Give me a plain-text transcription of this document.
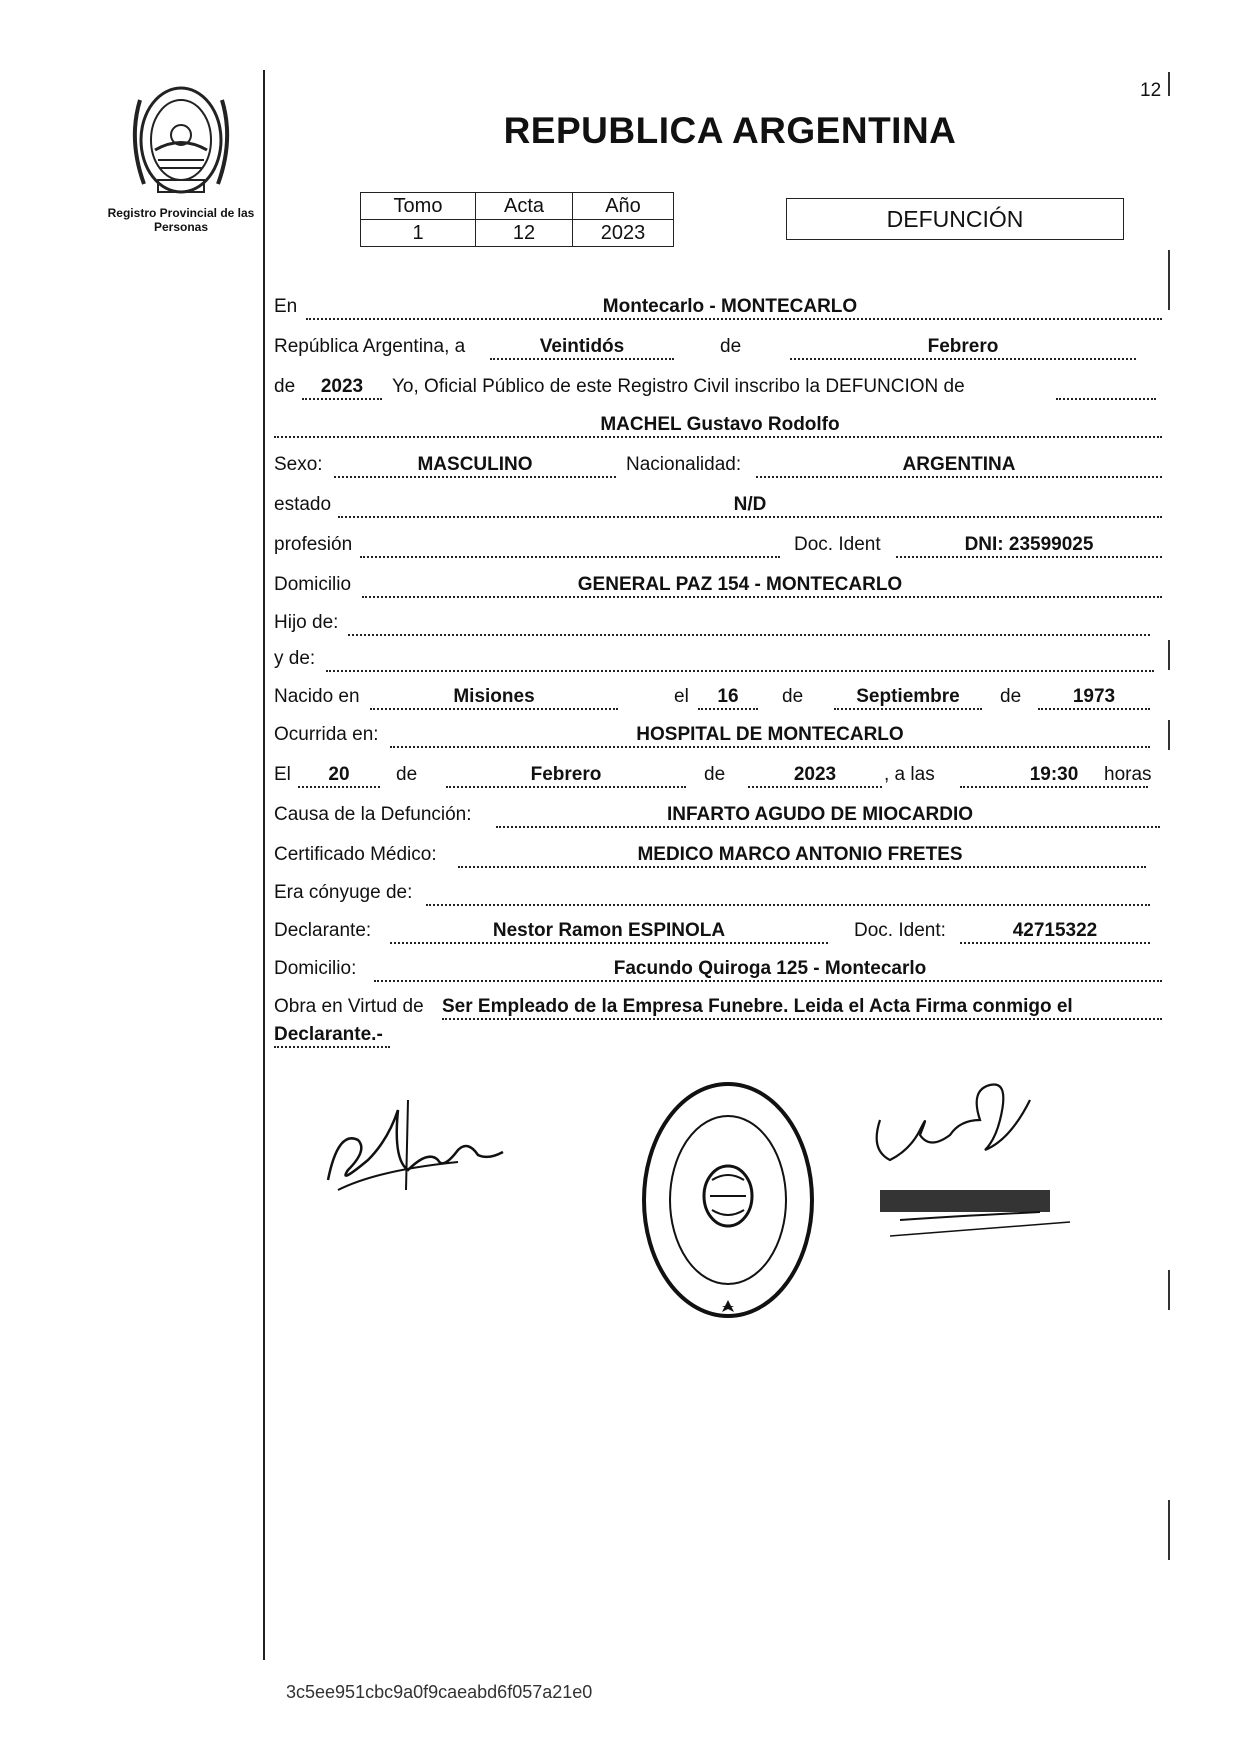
Registro Provincial de las Personas
12
REPUBLICA ARGENTINA
Tomo	Acta	Año
1	12	2023
DEFUNCIÓN
En	Montecarlo - MONTECARLO
República Argentina, a	Veintidós	de	Febrero
de	2023	Yo, Oficial Público de este Registro Civil inscribo la DEFUNCION de
MACHEL Gustavo Rodolfo
Sexo:	MASCULINO	Nacionalidad:	ARGENTINA
estado	N/D
profesión	Doc. Ident	DNI: 23599025
Domicilio	GENERAL PAZ 154 - MONTECARLO
Hijo de:
y de:
Nacido en	Misiones	el	16	de	Septiembre	de	1973
Ocurrida en:	HOSPITAL DE MONTECARLO
El	20	de	Febrero	de	2023	, a las	19:30	horas
Causa de la Defunción:	INFARTO AGUDO DE MIOCARDIO
Certificado Médico:	MEDICO MARCO ANTONIO FRETES
Era cónyuge de:
Declarante:	Nestor Ramon ESPINOLA	Doc. Ident:	42715322
Domicilio:	Facundo Quiroga 125 - Montecarlo
Obra en Virtud de Ser Empleado de la Empresa Funebre. Leida el Acta Firma conmigo el
Declarante.-
3c5ee951cbc9a0f9caeabd6f057a21e0
